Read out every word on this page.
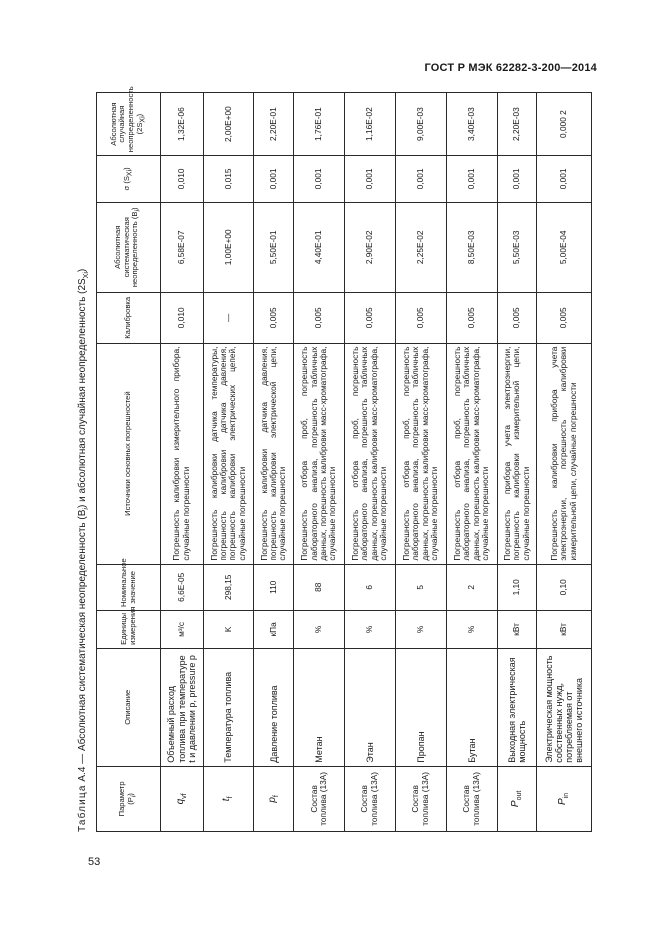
ГОСТ Р МЭК 62282-3-200—2014
Таблица А.4 — Абсолютная систематическая неопределенность $(B_i)$ и абсолютная случайная неопределенность $(2S_{Xi})$
Параметр
(Pi)	Описание	Единицы измерения	Номинальное значение	Источники основных погрешностей	Калибровка	Абсолютная систематическая неопределенность (Bi)	σ (SXi)	Абсолютная случайная неопределенность (2SXi)
$q_{vf}$	Объемный расход топлива при температуре t и давлении p, pressure p	м³/с	6,6E-05	Погрешность калибровки измерительного прибора, случайные погрешности	0,010	6,58E-07	0,010	1,32E-06
$t_f$	Температура топлива	K	298,15	Погрешность калибровки датчика температуры, погрешность калибровки датчика давления, погрешность калибровки электрических цепей, случайные погрешности	—	1,00E+00	0,015	2,00E+00
$p_f$	Давление топлива	кПа	110	Погрешность калибровки датчика давления, погрешность калибровки электрической цепи, случайные погрешности	0,005	5,50E-01	0,001	2,20E-01
Состав топлива (13A)	Метан	%	88	Погрешность отбора проб, погрешность лабораторного анализа, погрешность табличных данных, погрешность калибровки масс-хроматографа, случайные погрешности	0,005	4,40E-01	0,001	1,76E-01
Состав топлива (13A)	Этан	%	6	Погрешность отбора проб, погрешность лабораторного анализа, погрешность табличных данных, погрешность калибровки масс-хроматографа, случайные погрешности	0,005	2,90E-02	0,001	1,16E-02
Состав топлива (13A)	Пропан	%	5	Погрешность отбора проб, погрешность лабораторного анализа, погрешность табличных данных, погрешность калибровки масс-хроматографа, случайные погрешности	0,005	2,25E-02	0,001	9,00E-03
Состав топлива (13A)	Бутан	%	2	Погрешность отбора проб, погрешность лабораторного анализа, погрешность табличных данных, погрешность калибровки масс-хроматографа, случайные погрешности	0,005	8,50E-03	0,001	3,40E-03
$P_{out}$	Выходная электрическая мощность	кВт	1,10	Погрешность прибора учета электроэнергии, погрешность калибровки измерительной цепи, случайные погрешности	0,005	5,50E-03	0,001	2,20E-03
$P_{in}$	Электрическая мощность собственных нужд, потребляемая от внешнего источника	кВт	0,10	Погрешность калибровки прибора учета электроэнергии, погрешность калибровки измерительной цепи, случайные погрешности	0,005	5,00E-04	0,001	0,000 2
53
